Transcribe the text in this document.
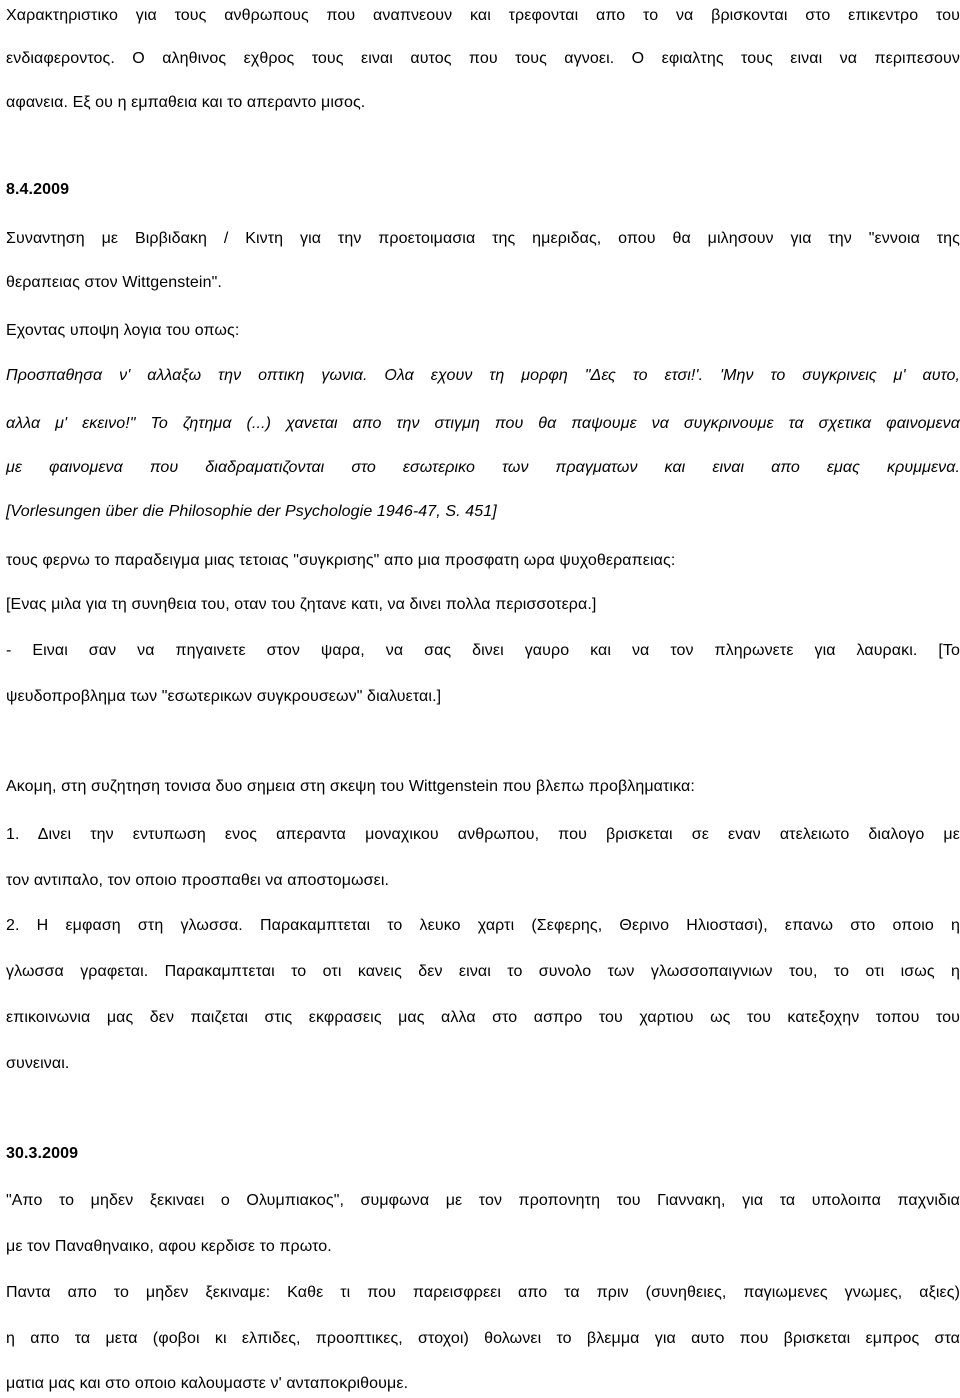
Χαρακτηριστικο για τους ανθρωπους που αναπνεουν και τρεφονται απο το να βρισκονται στο επικεντρο του
ενδιαφεροντος. Ο αληθινος εχθρος τους ειναι αυτος που τους αγνοει. Ο εφιαλτης τους ειναι να περιπεσουν
αφανεια. Εξ ου η εμπαθεια και το απεραντο μισος.
8.4.2009
Συναντηση με Βιρβιδακη / Κιντη για την προετοιμασια της ημεριδας, οπου θα μιλησουν για την "εννοια της
θεραπειας στον Wittgenstein".
Εχοντας υποψη λογια του οπως:
Προσπαθησα ν' αλλαξω την οπτικη γωνια. Ολα εχουν τη μορφη "Δες το ετσι!'. 'Μην το συγκρινεις μ' αυτο,
αλλα μ' εκεινο!" Το ζητημα (...) χανεται απο την στιγμη που θα παψουμε να συγκρινουμε τα σχετικα φαινομενα
με φαινομενα που διαδραματιζονται στο εσωτερικο των πραγματων και ειναι απο εμας κρυμμενα.
[Vorlesungen über die Philosophie der Psychologie 1946-47, S. 451]
τους φερνω το παραδειγμα μιας τετοιας "συγκρισης" απο μια προσφατη ωρα ψυχοθεραπειας:
[Ενας μιλα για τη συνηθεια του, οταν του ζητανε κατι, να δινει πολλα περισσοτερα.]
- Ειναι σαν να πηγαινετε στον ψαρα, να σας δινει γαυρο και να τον πληρωνετε για λαυρακι. [Το
ψευδοπροβλημα των "εσωτερικων συγκρουσεων" διαλυεται.]
Ακομη, στη συζητηση τονισα δυο σημεια στη σκεψη του Wittgenstein που βλεπω προβληματικα:
1. Δινει την εντυπωση ενος απεραντα μοναχικου ανθρωπου, που βρισκεται σε εναν ατελειωτο διαλογο με
τον αντιπαλο, τον οποιο προσπαθει να αποστομωσει.
2. Η εμφαση στη γλωσσα. Παρακαμπτεται το λευκο χαρτι (Σεφερης, Θερινο Ηλιοστασι), επανω στο οποιο η
γλωσσα γραφεται. Παρακαμπτεται το οτι κανεις δεν ειναι το συνολο των γλωσσοπαιγνιων του, το οτι ισως η
επικοινωνια μας δεν παιζεται στις εκφρασεις μας αλλα στο ασπρο του χαρτιου ως του κατεξοχην τοπου του
συνειναι.
30.3.2009
"Απο το μηδεν ξεκιναει ο Ολυμπιακος", συμφωνα με τον προπονητη του Γιαννακη, για τα υπολοιπα παχνιδια
με τον Παναθηναικο, αφου κερδισε το πρωτο.
Παντα απο το μηδεν ξεκιναμε: Καθε τι που παρεισφρεει απο τα πριν (συνηθειες, παγιωμενες γνωμες, αξιες)
η απο τα μετα (φοβοι κι ελπιδες, προοπτικες, στοχοι) θολωνει το βλεμμα για αυτο που βρισκεται εμπρος στα
ματια μας και στο οποιο καλουμαστε ν' ανταποκριθουμε.
